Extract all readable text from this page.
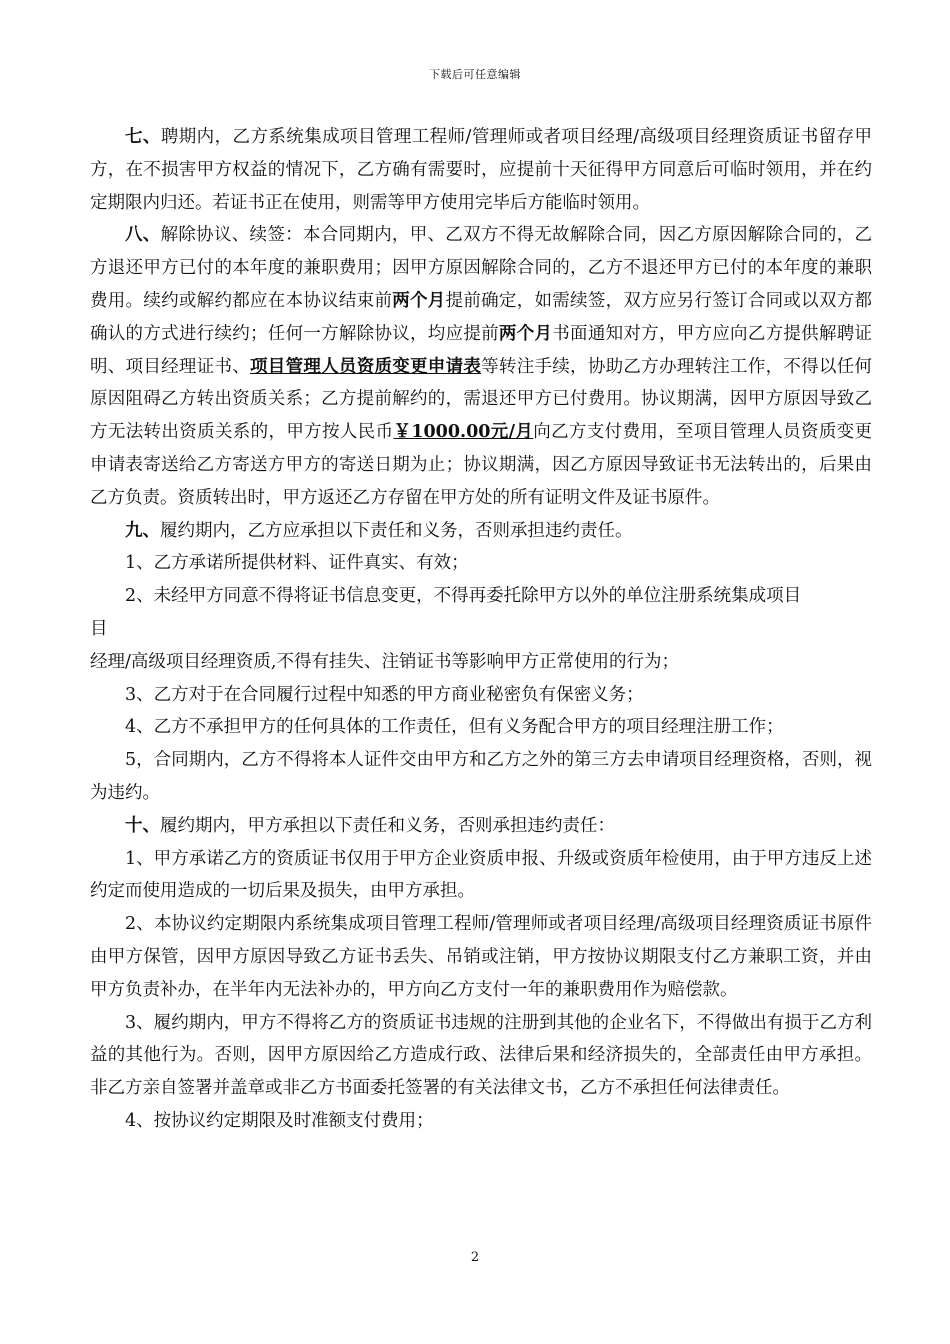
下载后可任意编辑

七、聘期内，乙方系统集成项目管理工程师/管理师或者项目经理/高级项目经理资质证书留存甲方，在不损害甲方权益的情况下，乙方确有需要时，应提前十天征得甲方同意后可临时领用，并在约定期限内归还。若证书正在使用，则需等甲方使用完毕后方能临时领用。

八、解除协议、续签：本合同期内，甲、乙双方不得无故解除合同，因乙方原因解除合同的，乙方退还甲方已付的本年度的兼职费用；因甲方原因解除合同的，乙方不退还甲方已付的本年度的兼职费用。续约或解约都应在本协议结束前两个月提前确定，如需续签，双方应另行签订合同或以双方都确认的方式进行续约；任何一方解除协议，均应提前两个月书面通知对方，甲方应向乙方提供解聘证明、项目经理证书、项目管理人员资质变更申请表等转注手续，协助乙方办理转注工作，不得以任何原因阻碍乙方转出资质关系；乙方提前解约的，需退还甲方已付费用。协议期满，因甲方原因导致乙方无法转出资质关系的，甲方按人民币￥1000.00元/月向乙方支付费用，至项目管理人员资质变更申请表寄送给乙方寄送方甲方的寄送日期为止；协议期满，因乙方原因导致证书无法转出的，后果由乙方负责。资质转出时，甲方返还乙方存留在甲方处的所有证明文件及证书原件。

九、履约期内，乙方应承担以下责任和义务，否则承担违约责任。

1、乙方承诺所提供材料、证件真实、有效；

2、未经甲方同意不得将证书信息变更，不得再委托除甲方以外的单位注册系统集成项目

目

经理/高级项目经理资质,不得有挂失、注销证书等影响甲方正常使用的行为；

3、乙方对于在合同履行过程中知悉的甲方商业秘密负有保密义务；

4、乙方不承担甲方的任何具体的工作责任，但有义务配合甲方的项目经理注册工作；

5，合同期内，乙方不得将本人证件交由甲方和乙方之外的第三方去申请项目经理资格，否则，视为违约。

十、履约期内，甲方承担以下责任和义务，否则承担违约责任：

1、甲方承诺乙方的资质证书仅用于甲方企业资质申报、升级或资质年检使用，由于甲方违反上述约定而使用造成的一切后果及损失，由甲方承担。

2、本协议约定期限内系统集成项目管理工程师/管理师或者项目经理/高级项目经理资质证书原件由甲方保管，因甲方原因导致乙方证书丢失、吊销或注销，甲方按协议期限支付乙方兼职工资，并由甲方负责补办，在半年内无法补办的，甲方向乙方支付一年的兼职费用作为赔偿款。

3、履约期内，甲方不得将乙方的资质证书违规的注册到其他的企业名下，不得做出有损于乙方利益的其他行为。否则，因甲方原因给乙方造成行政、法律后果和经济损失的，全部责任由甲方承担。非乙方亲自签署并盖章或非乙方书面委托签署的有关法律文书，乙方不承担任何法律责任。

4、按协议约定期限及时准额支付费用；

2
